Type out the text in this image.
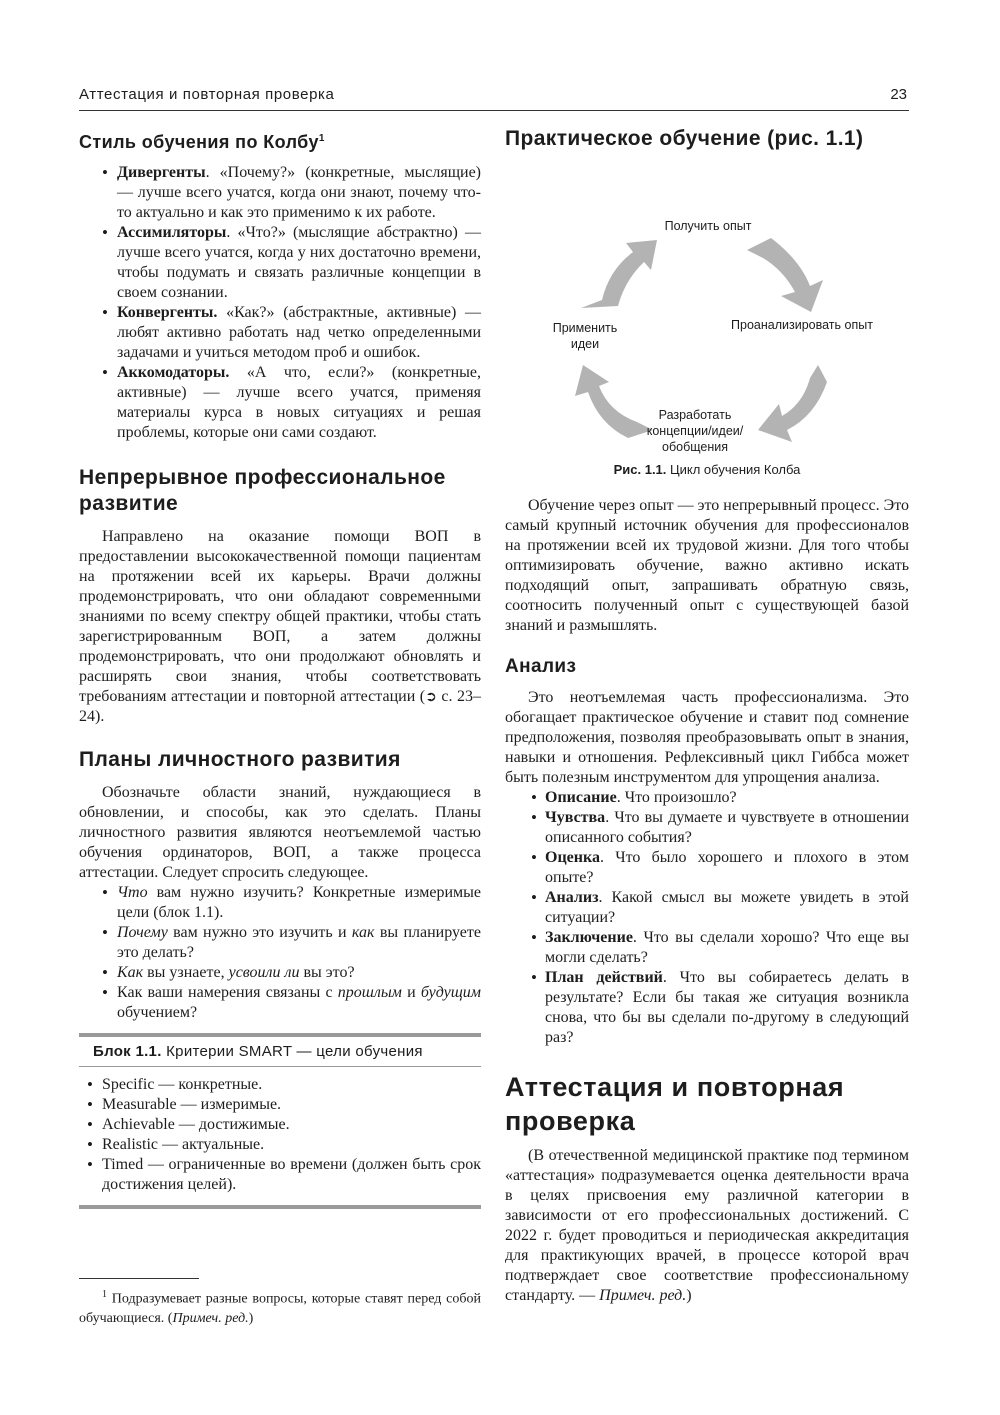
Аттестация и повторная проверка	23
Стиль обучения по Колбу$^1$
• Дивергенты. «Почему?» (конкретные, мыслящие) — лучше всего учатся, когда они знают, почему что-то актуально и как это применимо к их работе.
• Ассимиляторы. «Что?» (мыслящие абстрактно) — лучше всего учатся, когда у них достаточно времени, чтобы подумать и связать различные концепции в своем сознании.
• Конвергенты. «Как?» (абстрактные, активные) — любят активно работать над четко определенными задачами и учиться методом проб и ошибок.
• Аккомодаторы. «А что, если?» (конкретные, активные) — лучше всего учатся, применяя материалы курса в новых ситуациях и решая проблемы, которые они сами создают.
Непрерывное профессиональное развитие

Направлено на оказание помощи ВОП в предоставлении высококачественной помощи пациентам на протяжении всей их карьеры. Врачи должны продемонстрировать, что они обладают современными знаниями по всему спектру общей практики, чтобы стать зарегистрированным ВОП, а затем должны продемонстрировать, что они продолжают обновлять и расширять свои знания, чтобы соответствовать требованиям аттестации и повторной аттестации (➲ с. 23–24).

Планы личностного развития

Обозначьте области знаний, нуждающиеся в обновлении, и способы, как это сделать. Планы личностного развития являются неотъемлемой частью обучения ординаторов, ВОП, а также процесса аттестации. Следует спросить следующее.

• Что вам нужно изучить? Конкретные измеримые цели (блок 1.1).
• Почему вам нужно это изучить и как вы планируете это делать?
• Как вы узнаете, усвоили ли вы это?
• Как ваши намерения связаны с прошлым и будущим обучением?
Блок 1.1. Критерии SMART — цели обучения
• Specific — конкретные.
• Measurable — измеримые.
• Achievable — достижимые.
• Realistic — актуальные.
• Timed — ограниченные во времени (должен быть срок достижения целей).
$^1$ Подразумевает разные вопросы, которые ставят перед собой обучающиеся. (Примеч. ред.)
Практическое обучение (рис. 1.1)
Получить опыт
Проанализировать опыт
Разработать концепции/идеи/ обобщения
Применить идеи
Рис. 1.1. Цикл обучения Колба

Обучение через опыт — это непрерывный процесс. Это самый крупный источник обучения для профессионалов на протяжении всей их трудовой жизни. Для того чтобы оптимизировать обучение, важно активно искать подходящий опыт, запрашивать обратную связь, соотносить полученный опыт с существующей базой знаний и размышлять.

Анализ

Это неотъемлемая часть профессионализма. Это обогащает практическое обучение и ставит под сомнение предположения, позволяя преобразовывать опыт в знания, навыки и отношения. Рефлексивный цикл Гиббса может быть полезным инструментом для упрощения анализа.

• Описание. Что произошло?
• Чувства. Что вы думаете и чувствуете в отношении описанного события?
• Оценка. Что было хорошего и плохого в этом опыте?
• Анализ. Какой смысл вы можете увидеть в этой ситуации?
• Заключение. Что вы сделали хорошо? Что еще вы могли сделать?
• План действий. Что вы собираетесь делать в результате? Если бы такая же ситуация возникла снова, что бы вы сделали по-другому в следующий раз?
Аттестация и повторная проверка

(В отечественной медицинской практике под термином «аттестация» подразумевается оценка деятельности врача в целях присвоения ему различной категории в зависимости от его профессиональных достижений. С 2022 г. будет проводиться и периодическая аккредитация для практикующих врачей, в процессе которой врач подтверждает свое соответствие профессиональному стандарту. — Примеч. ред.)
